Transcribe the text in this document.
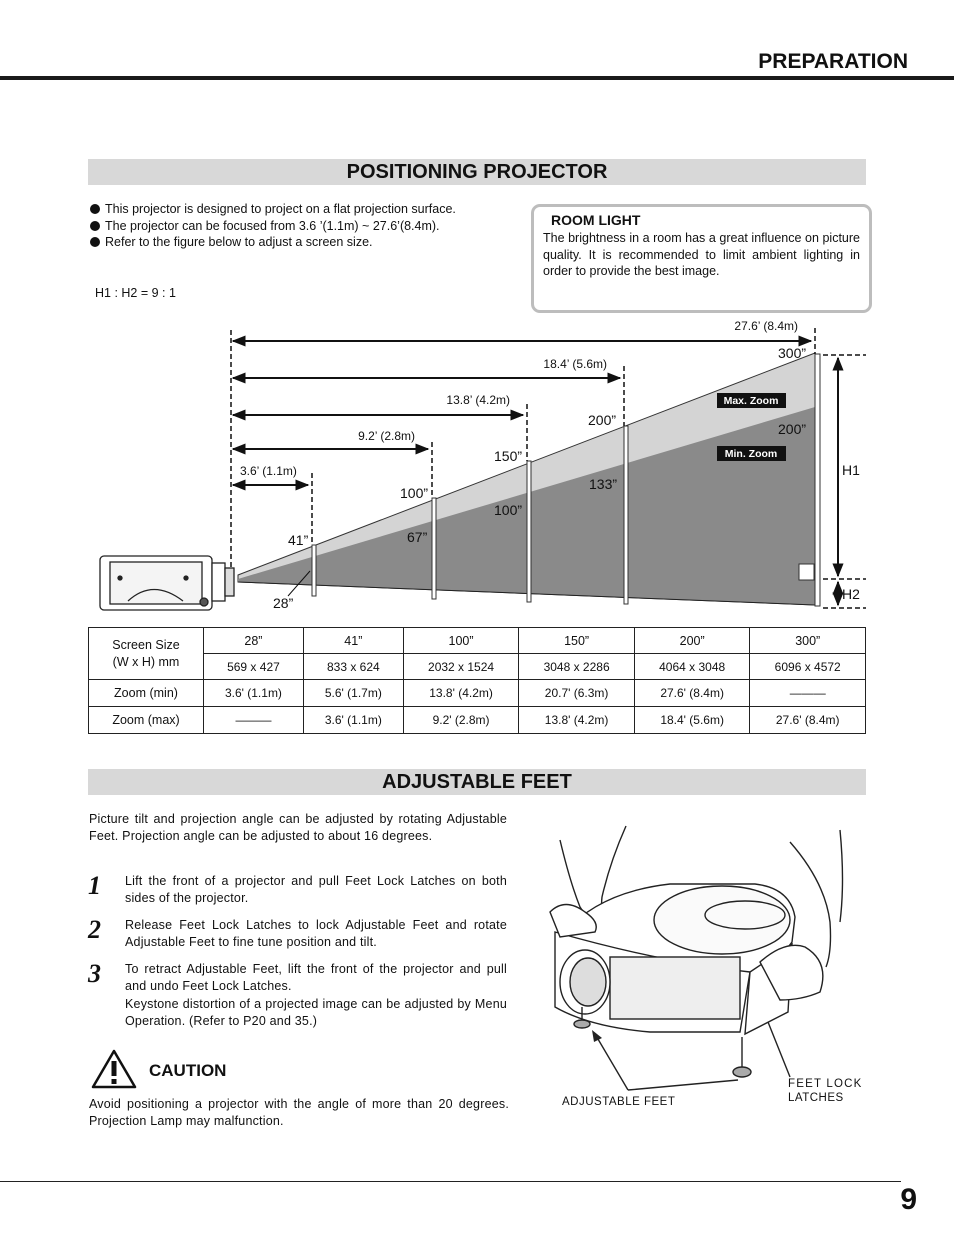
PREPARATION
POSITIONING PROJECTOR
This projector is designed to project on a flat projection surface.
The projector can be focused from 3.6 ’(1.1m) ~ 27.6’(8.4m).
Refer to the figure below to adjust a screen size.
H1 : H2 = 9 : 1
ROOM LIGHT
The brightness in a room has a great influence on picture quality. It is recommended to limit ambient lighting in order to provide the best image.
27.6’ (8.4m)
18.4’ (5.6m)
13.8’ (4.2m)
9.2’ (2.8m)
3.6’ (1.1m)
Max. Zoom
Min. Zoom
300”
200”
150”
100”
41”
200”
133”
100”
67”
28”
H1
H2
Screen Size
(W x H) mm	28”	41”	100”	150”	200”	300”
	569 x 427	833 x 624	2032 x 1524	3048 x 2286	4064 x 3048	6096 x 4572
Zoom (min)	3.6' (1.1m)	5.6' (1.7m)	13.8' (4.2m)	20.7' (6.3m)	27.6' (8.4m)	———
Zoom (max)	———	3.6' (1.1m)	9.2' (2.8m)	13.8' (4.2m)	18.4' (5.6m)	27.6' (8.4m)
ADJUSTABLE FEET
Picture tilt and projection angle can be adjusted by rotating Adjustable Feet. Projection angle can be adjusted to about 16 degrees.
1 Lift the front of a projector and pull Feet Lock Latches on both sides of the projector.
2 Release Feet Lock Latches to lock Adjustable Feet and rotate Adjustable Feet to fine tune position and tilt.
3 To retract Adjustable Feet, lift the front of the projector and pull and undo Feet Lock Latches.
Keystone distortion of a projected image can be adjusted by Menu Operation. (Refer to P20 and 35.)
CAUTION
Avoid positioning a projector with the angle of more than 20 degrees. Projection Lamp may malfunction.
ADJUSTABLE FEET
FEET LOCK
LATCHES
9
